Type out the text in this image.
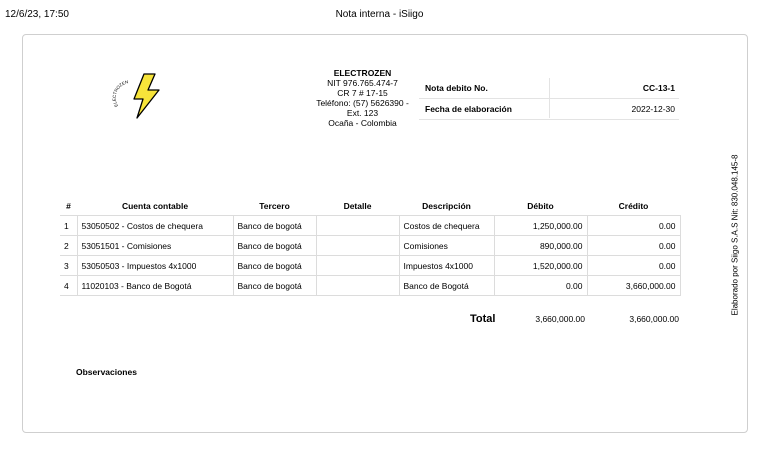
12/6/23, 17:50	Nota interna - iSiigo
ELECTROZEN
ELECTROZEN
NIT 976.765.474-7
CR 7 # 17-15
Teléfono: (57) 5626390 -
Ext. 123
Ocaña - Colombia
Nota debito No.	CC-13-1
Fecha de elaboración	2022-12-30
Elaborado por Siigo S.A.S Nit: 830.048.145-8
#	Cuenta contable	Tercero	Detalle	Descripción	Débito	Crédito
1	53050502 - Costos de chequera	Banco de bogotá		Costos de chequera	1,250,000.00	0.00
2	53051501 - Comisiones	Banco de bogotá		Comisiones	890,000.00	0.00
3	53050503 - Impuestos 4x1000	Banco de bogotá		Impuestos 4x1000	1,520,000.00	0.00
4	11020103 - Banco de Bogotá	Banco de bogotá		Banco de Bogotá	0.00	3,660,000.00
Total	3,660,000.00	3,660,000.00
Observaciones
